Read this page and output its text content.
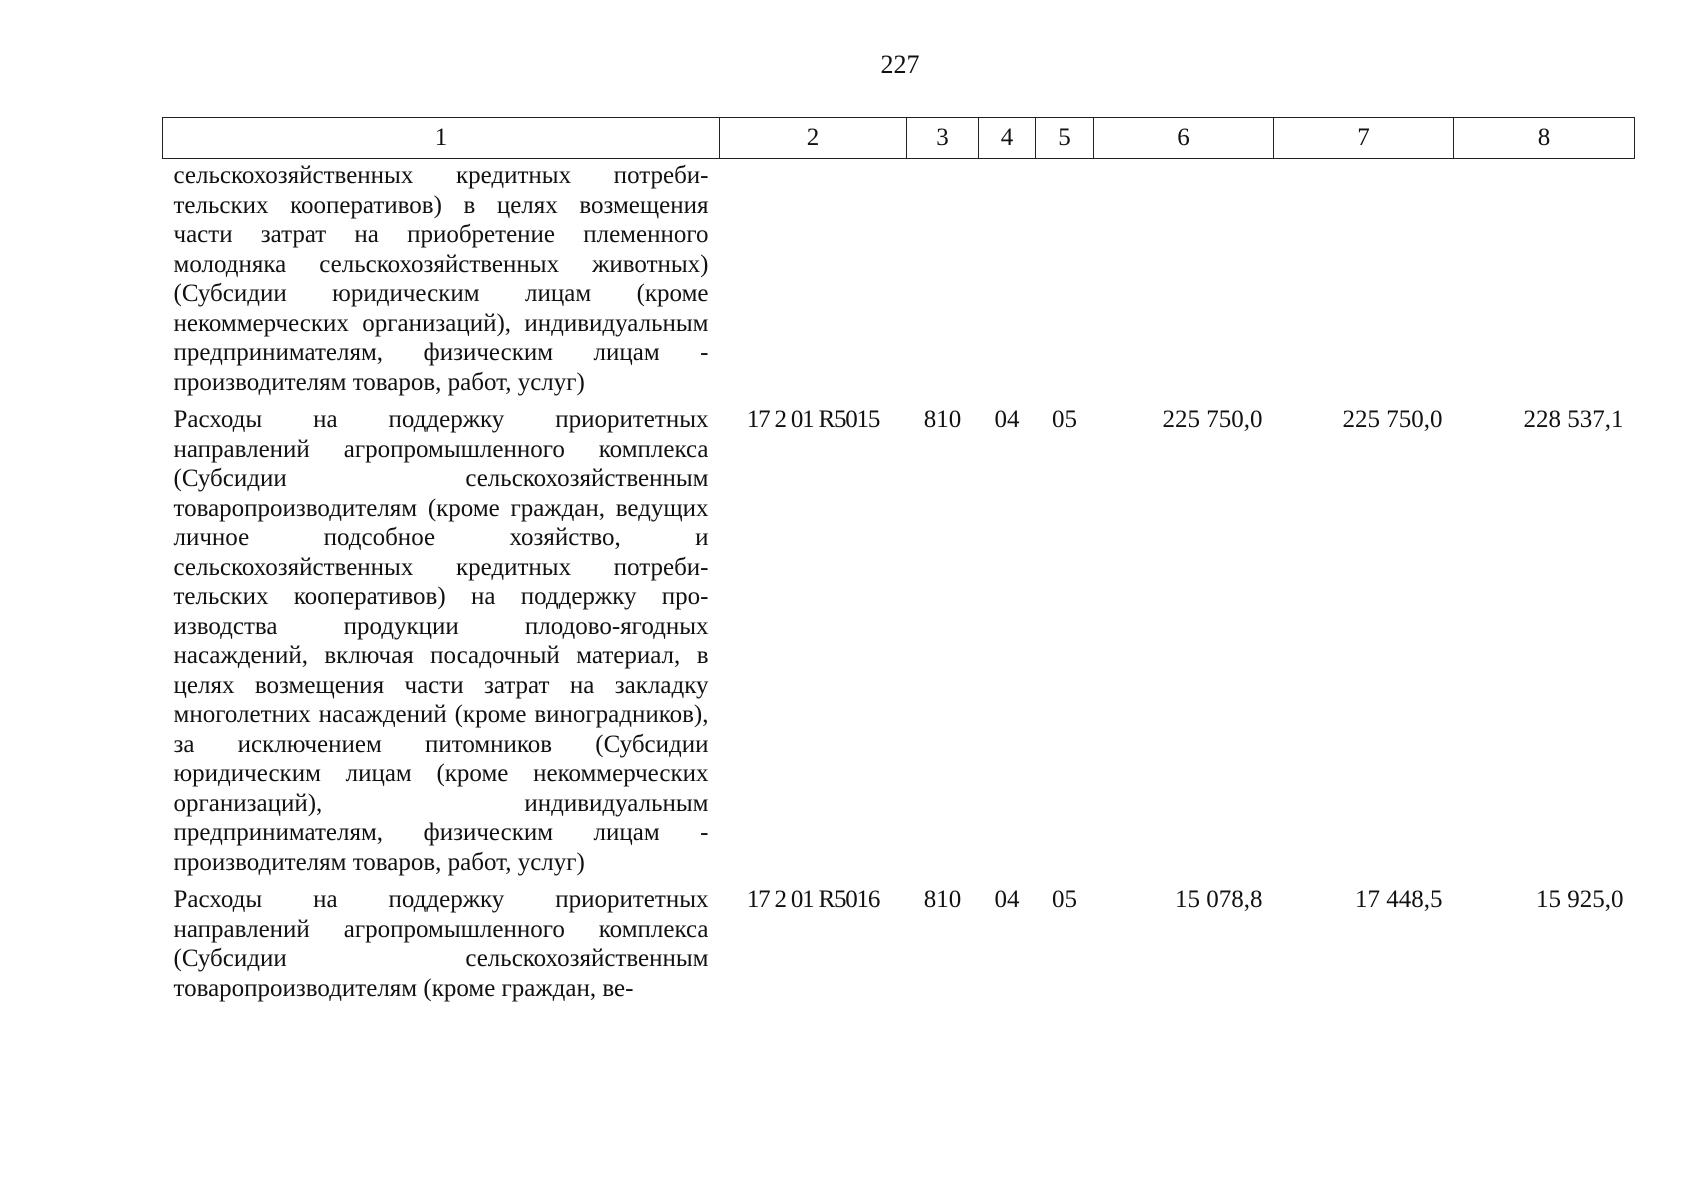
227
1	2	3	4	5	6	7	8
сельскохозяйственных кредитных потребительских кооперативов) в целях возмещения части затрат на приобретение племенного молодняка сельскохозяйственных животных) (Субсидии юридическим лицам (кроме некоммерческих организаций), индивидуальным предпринимателям, физическим лицам - производителям товаров, работ, услуг)							
Расходы на поддержку приоритетных направлений агропромышленного комплекса (Субсидии сельскохозяйственным товаропроизводителям (кроме граждан, ведущих личное подсобное хозяйство, и сельскохозяйственных кредитных потребительских кооперативов) на поддержку производства продукции плодово-ягодных насаждений, включая посадочный материал, в целях возмещения части затрат на закладку многолетних насаждений (кроме виноградников), за исключением питомников (Субсидии юридическим лицам (кроме некоммерческих организаций), индивидуальным предпринимателям, физическим лицам - производителям товаров, работ, услуг)	17 2 01 R5015	810	04	05	225 750,0	225 750,0	228 537,1
Расходы на поддержку приоритетных направлений агропромышленного комплекса (Субсидии сельскохозяйственным товаропроизводителям (кроме граждан, ве-	17 2 01 R5016	810	04	05	15 078,8	17 448,5	15 925,0
